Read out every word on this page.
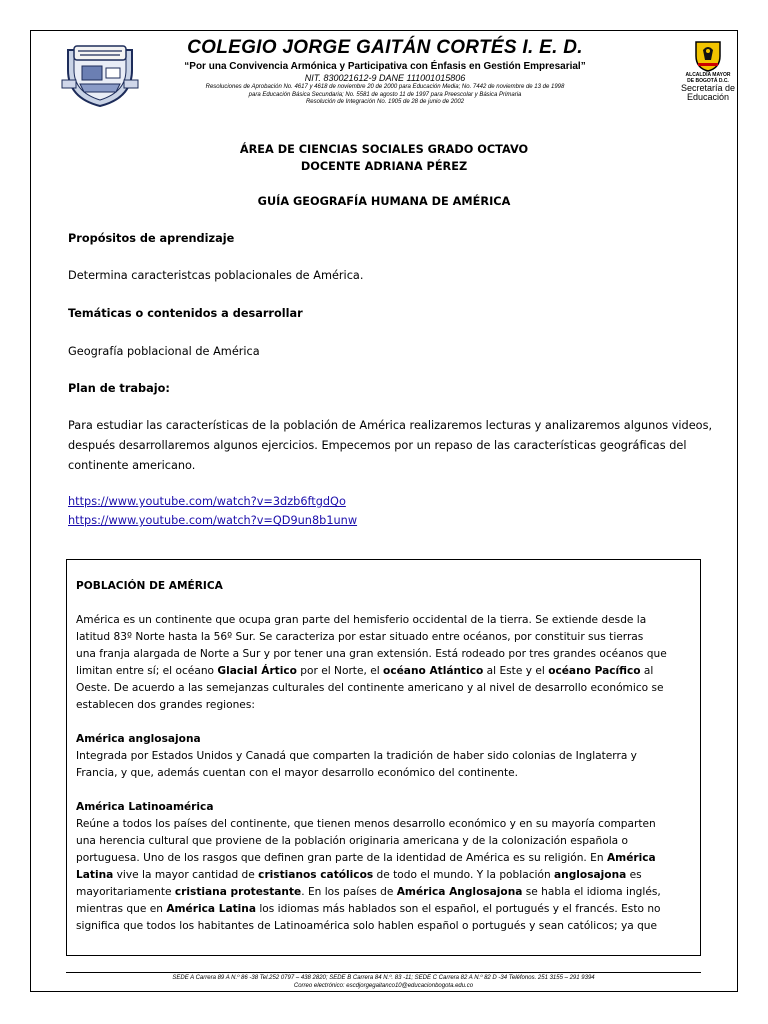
COLEGIO JORGE GAITÁN CORTÉS I. E. D.
“Por una Convivencia Armónica y Participativa con Énfasis en Gestión Empresarial”
NIT. 830021612-9 DANE 111001015806
Resoluciones de Aprobación No. 4617 y 4618 de noviembre 20 de 2000 para Educación Media; No. 7442 de noviembre de 13 de 1998
para Educación Básica Secundaria; No. 5581 de agosto 11 de 1997 para Preescolar y Básica Primaria
Resolución de Integración No. 1905 de 28 de junio de 2002
ALCALDÍA MAYOR
DE BOGOTÁ D.C.
Secretaría de
Educación
ÁREA DE CIENCIAS SOCIALES GRADO OCTAVO
DOCENTE ADRIANA PÉREZ
GUÍA GEOGRAFÍA HUMANA DE AMÉRICA
Propósitos de aprendizaje
Determina caracteristcas poblacionales de América.
Temáticas o contenidos a desarrollar
Geografía poblacional de América
Plan de trabajo:
Para estudiar las características de la población de América realizaremos lecturas y analizaremos algunos videos,
después desarrollaremos algunos ejercicios. Empecemos por un repaso de las características geográficas del
continente americano.
https://www.youtube.com/watch?v=3dzb6ftgdQo
https://www.youtube.com/watch?v=QD9un8b1unw

POBLACIÓN DE AMÉRICA

América es un continente que ocupa gran parte del hemisferio occidental de la tierra. Se extiende desde la

latitud 83º Norte hasta la 56º Sur. Se caracteriza por estar situado entre océanos, por constituir sus tierras

una franja alargada de Norte a Sur y por tener una gran extensión. Está rodeado por tres grandes océanos que

limitan entre sí; el océano Glacial Ártico por el Norte, el océano Atlántico al Este y el océano Pacífico al

Oeste. De acuerdo a las semejanzas culturales del continente americano y al nivel de desarrollo económico se

establecen dos grandes regiones:

América anglosajona

Integrada por Estados Unidos y Canadá que comparten la tradición de haber sido colonias de Inglaterra y

Francia, y que, además cuentan con el mayor desarrollo económico del continente.

América Latinoamérica

Reúne a todos los países del continente, que tienen menos desarrollo económico y en su mayoría comparten

una herencia cultural que proviene de la población originaria americana y de la colonización española o

portuguesa. Uno de los rasgos que definen gran parte de la identidad de América es su religión. En América

Latina vive la mayor cantidad de cristianos católicos de todo el mundo. Y la población anglosajona es

mayoritariamente cristiana protestante. En los países de América Anglosajona se habla el idioma inglés,

mientras que en América Latina los idiomas más hablados son el español, el portugués y el francés. Esto no

significa que todos los habitantes de Latinoamérica solo hablen español o portugués y sean católicos; ya que

SEDE A Carrera 89 A N.º 86 -38 Tel.252 0797 – 438 2820; SEDE B Carrera 84 N.º. 83 -11; SEDE C Carrera 82 A N.º 82 D -34 Teléfonos. 251 3155 – 291 9394
Correo electrónico: escdjorgegaitanco10@educacionbogota.edu.co
